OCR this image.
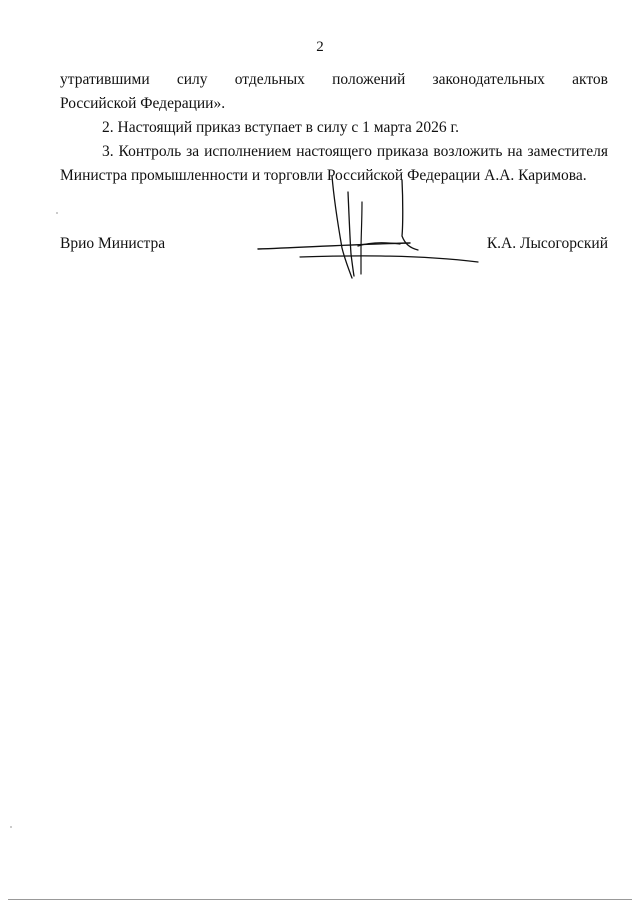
2

утратившими силу отдельных положений законодательных актов

Российской Федерации».

2. Настоящий приказ вступает в силу с 1 марта 2026 г.

3. Контроль за исполнением настоящего приказа возложить на заместителя

Министра промышленности и торговли Российской Федерации А.А. Каримова.

Врио Министра	К.А. Лысогорский
